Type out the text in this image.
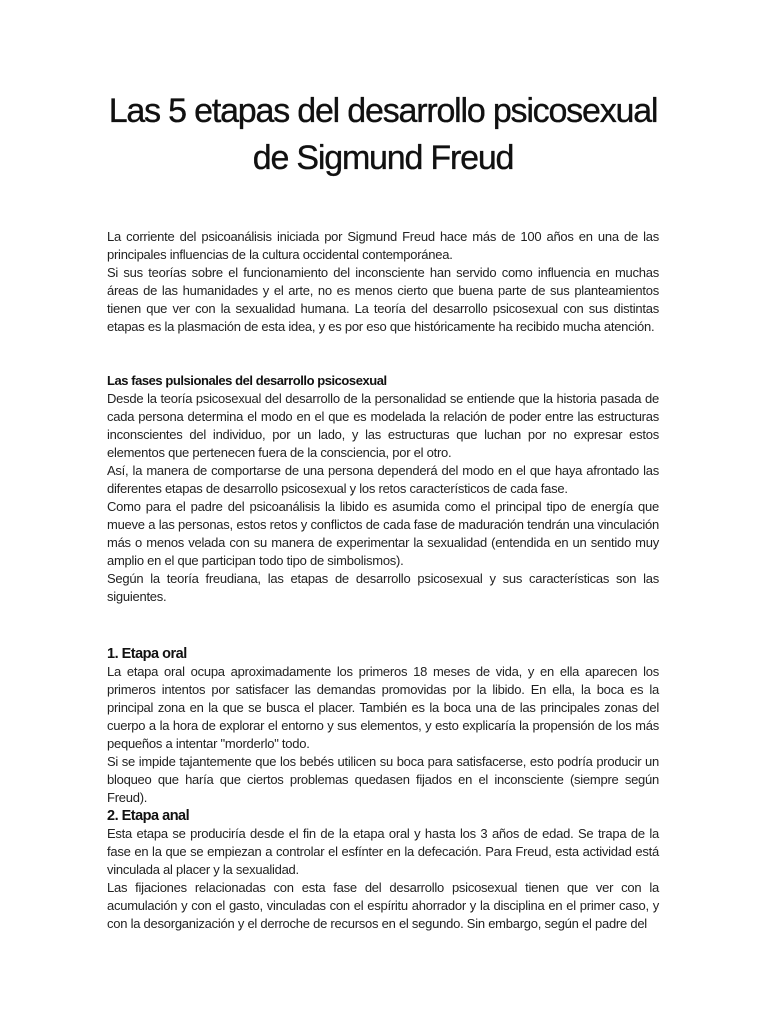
Las 5 etapas del desarrollo psicosexual
de Sigmund Freud

La corriente del psicoanálisis iniciada por Sigmund Freud hace más de 100 años en una de las principales influencias de la cultura occidental contemporánea.

Si sus teorías sobre el funcionamiento del inconsciente han servido como influencia en muchas áreas de las humanidades y el arte, no es menos cierto que buena parte de sus planteamientos tienen que ver con la sexualidad humana. La teoría del desarrollo psicosexual con sus distintas etapas es la plasmación de esta idea, y es por eso que históricamente ha recibido mucha atención.

Las fases pulsionales del desarrollo psicosexual

Desde la teoría psicosexual del desarrollo de la personalidad se entiende que la historia pasada de cada persona determina el modo en el que es modelada la relación de poder entre las estructuras inconscientes del individuo, por un lado, y las estructuras que luchan por no expresar estos elementos que pertenecen fuera de la consciencia, por el otro.

Así, la manera de comportarse de una persona dependerá del modo en el que haya afrontado las diferentes etapas de desarrollo psicosexual y los retos característicos de cada fase.

Como para el padre del psicoanálisis la libido es asumida como el principal tipo de energía que mueve a las personas, estos retos y conflictos de cada fase de maduración tendrán una vinculación más o menos velada con su manera de experimentar la sexualidad (entendida en un sentido muy amplio en el que participan todo tipo de simbolismos).

Según la teoría freudiana, las etapas de desarrollo psicosexual y sus características son las siguientes.

1. Etapa oral

La etapa oral ocupa aproximadamente los primeros 18 meses de vida, y en ella aparecen los primeros intentos por satisfacer las demandas promovidas por la libido. En ella, la boca es la principal zona en la que se busca el placer. También es la boca una de las principales zonas del cuerpo a la hora de explorar el entorno y sus elementos, y esto explicaría la propensión de los más pequeños a intentar "morderlo" todo.

Si se impide tajantemente que los bebés utilicen su boca para satisfacerse, esto podría producir un bloqueo que haría que ciertos problemas quedasen fijados en el inconsciente (siempre según Freud).

2. Etapa anal

Esta etapa se produciría desde el fin de la etapa oral y hasta los 3 años de edad. Se trapa de la fase en la que se empiezan a controlar el esfínter en la defecación. Para Freud, esta actividad está vinculada al placer y la sexualidad.

Las fijaciones relacionadas con esta fase del desarrollo psicosexual tienen que ver con la acumulación y con el gasto, vinculadas con el espíritu ahorrador y la disciplina en el primer caso, y con la desorganización y el derroche de recursos en el segundo. Sin embargo, según el padre del
